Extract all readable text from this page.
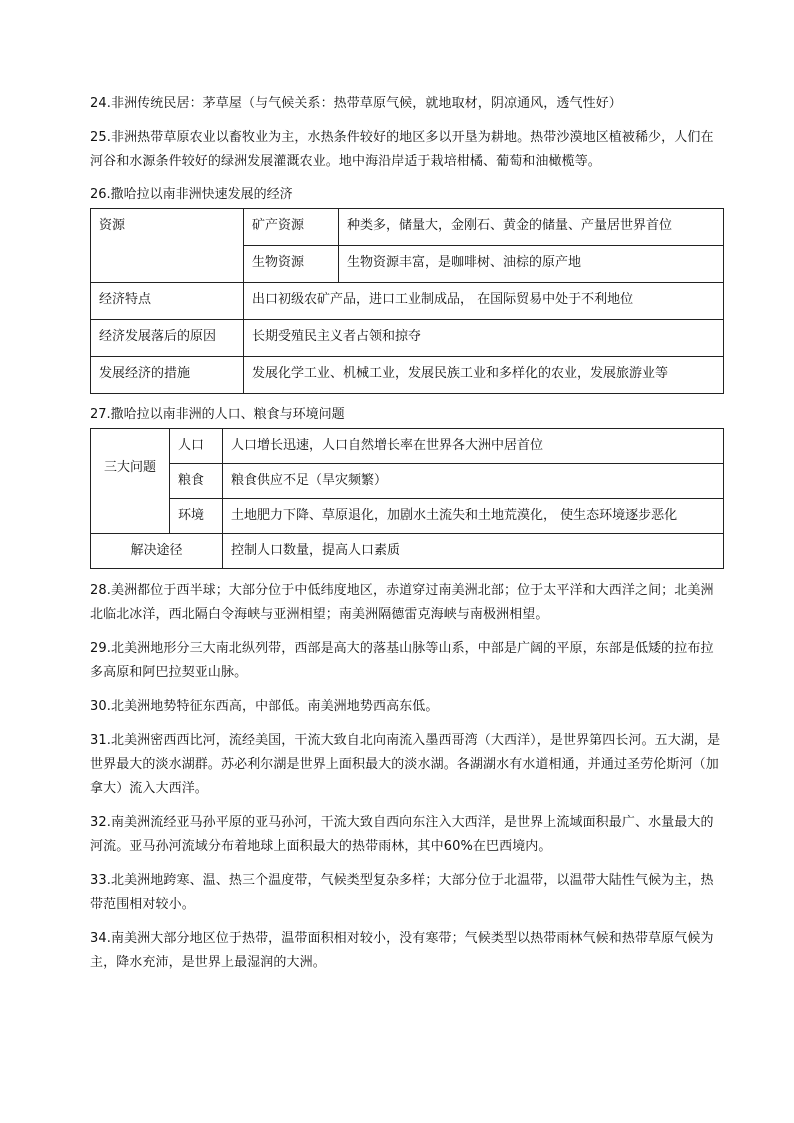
24.非洲传统民居：茅草屋（与气候关系：热带草原气候，就地取材，阴凉通风，透气性好）

25.非洲热带草原农业以畜牧业为主，水热条件较好的地区多以开垦为耕地。热带沙漠地区植被稀少，人们在河谷和水源条件较好的绿洲发展灌溉农业。地中海沿岸适于栽培柑橘、葡萄和油橄榄等。

26.撒哈拉以南非洲快速发展的经济

资源	矿产资源	种类多，储量大，金刚石、黄金的储量、产量居世界首位
	生物资源	生物资源丰富，是咖啡树、油棕的原产地
经济特点	出口初级农矿产品，进口工业制成品， 在国际贸易中处于不利地位	
经济发展落后的原因	长期受殖民主义者占领和掠夺	
发展经济的措施	发展化学工业、机械工业，发展民族工业和多样化的农业，发展旅游业等	

27.撒哈拉以南非洲的人口、粮食与环境问题

三大问题	人口	人口增长迅速，人口自然增长率在世界各大洲中居首位
	粮食	粮食供应不足（旱灾频繁）
	环境	土地肥力下降、草原退化，加剧水土流失和土地荒漠化， 使生态环境逐步恶化
解决途径		控制人口数量，提高人口素质

28.美洲都位于西半球；大部分位于中低纬度地区，赤道穿过南美洲北部；位于太平洋和大西洋之间；北美洲北临北冰洋，西北隔白令海峡与亚洲相望；南美洲隔德雷克海峡与南极洲相望。

29.北美洲地形分三大南北纵列带，西部是高大的落基山脉等山系，中部是广阔的平原，东部是低矮的拉布拉多高原和阿巴拉契亚山脉。

30.北美洲地势特征东西高，中部低。南美洲地势西高东低。

31.北美洲密西西比河，流经美国，干流大致自北向南流入墨西哥湾（大西洋），是世界第四长河。五大湖，是世界最大的淡水湖群。苏必利尔湖是世界上面积最大的淡水湖。各湖湖水有水道相通，并通过圣劳伦斯河（加拿大）流入大西洋。

32.南美洲流经亚马孙平原的亚马孙河，干流大致自西向东注入大西洋，是世界上流域面积最广、水量最大的河流。亚马孙河流域分布着地球上面积最大的热带雨林，其中60%在巴西境内。

33.北美洲地跨寒、温、热三个温度带，气候类型复杂多样；大部分位于北温带，以温带大陆性气候为主，热带范围相对较小。

34.南美洲大部分地区位于热带，温带面积相对较小，没有寒带；气候类型以热带雨林气候和热带草原气候为主，降水充沛，是世界上最湿润的大洲。
